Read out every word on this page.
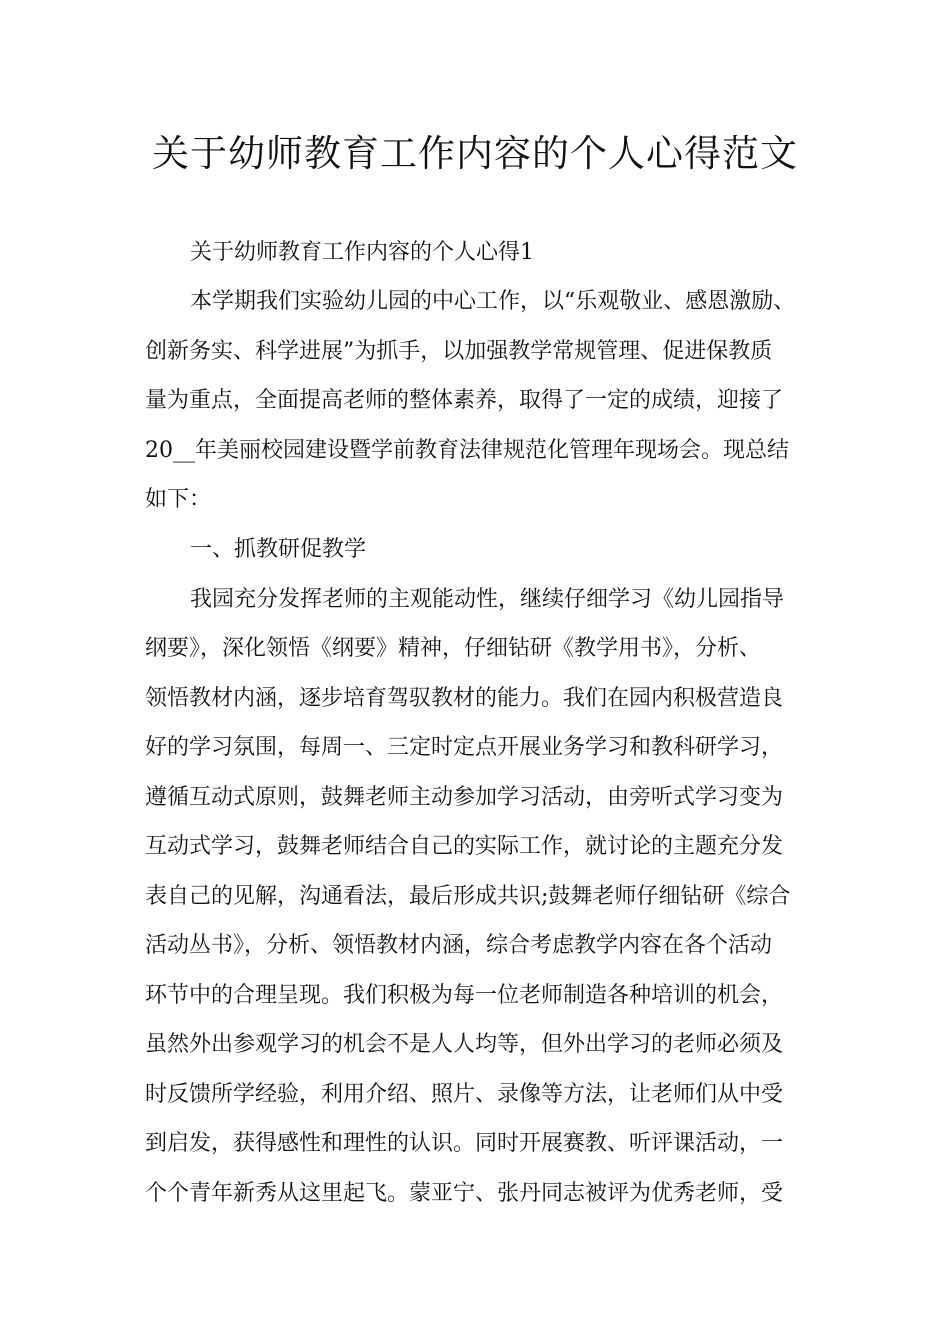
关于幼师教育工作内容的个人心得范文

关于幼师教育工作内容的个人心得1

本学期我们实验幼儿园的中心工作，以“乐观敬业、感恩激励、

创新务实、科学进展”为抓手，以加强教学常规管理、促进保教质

量为重点，全面提高老师的整体素养，取得了一定的成绩，迎接了

20__年美丽校园建设暨学前教育法律规范化管理年现场会。现总结

如下：

一、抓教研促教学

我园充分发挥老师的主观能动性，继续仔细学习《幼儿园指导

纲要》，深化领悟《纲要》精神，仔细钻研《教学用书》，分析、

领悟教材内涵，逐步培育驾驭教材的能力。我们在园内积极营造良

好的学习氛围，每周一、三定时定点开展业务学习和教科研学习，

遵循互动式原则，鼓舞老师主动参加学习活动，由旁听式学习变为

互动式学习，鼓舞老师结合自己的实际工作，就讨论的主题充分发

表自己的见解，沟通看法，最后形成共识;鼓舞老师仔细钻研《综合

活动丛书》，分析、领悟教材内涵，综合考虑教学内容在各个活动

环节中的合理呈现。我们积极为每一位老师制造各种培训的机会，

虽然外出参观学习的机会不是人人均等，但外出学习的老师必须及

时反馈所学经验，利用介绍、照片、录像等方法，让老师们从中受

到启发，获得感性和理性的认识。同时开展赛教、听评课活动，一

个个青年新秀从这里起飞。蒙亚宁、张丹同志被评为优秀老师，受
